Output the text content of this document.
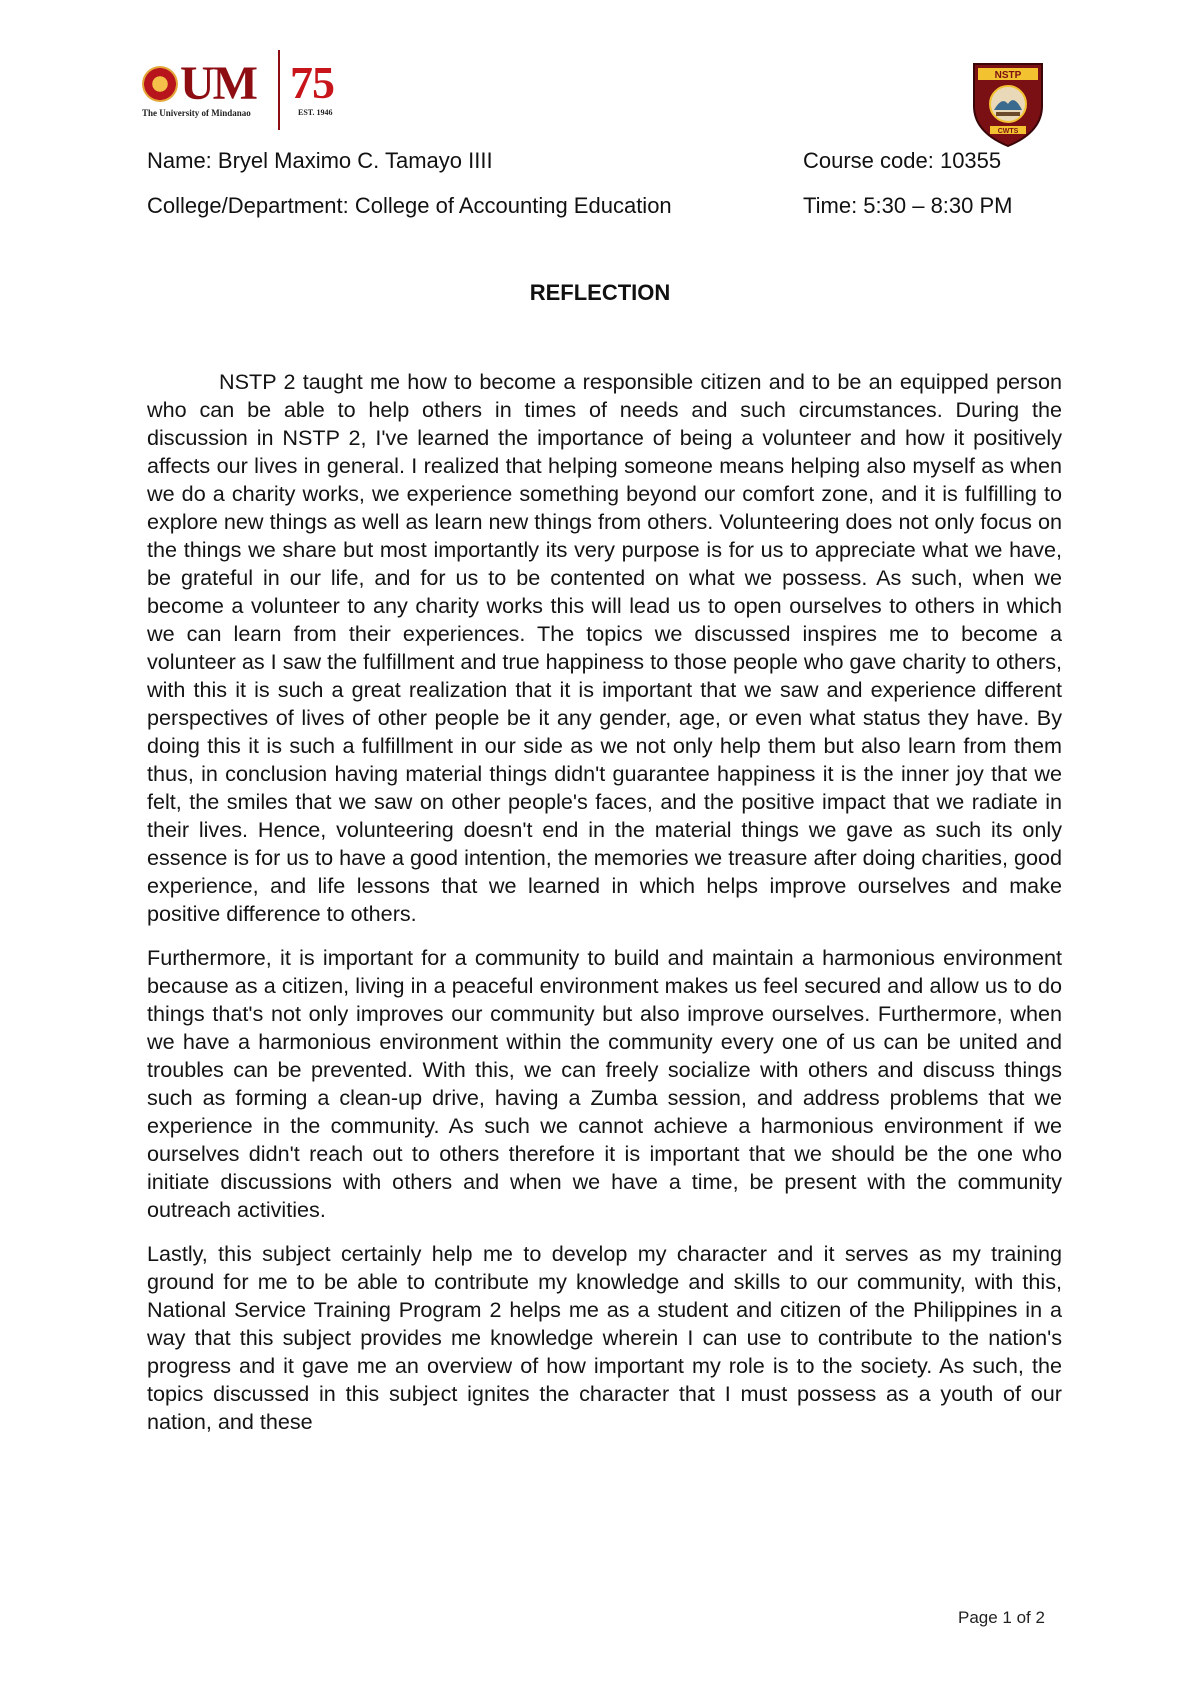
UM
The University of Mindanao
75
EST. 1946
NSTP
CWTS
Name: Bryel Maximo C. Tamayo IIII	Course code: 10355
College/Department: College of Accounting Education	Time: 5:30 – 8:30 PM
REFLECTION

NSTP 2 taught me how to become a responsible citizen and to be an equipped person who can be able to help others in times of needs and such circumstances. During the discussion in NSTP 2, I've learned the importance of being a volunteer and how it positively affects our lives in general. I realized that helping someone means helping also myself as when we do a charity works, we experience something beyond our comfort zone, and it is fulfilling to explore new things as well as learn new things from others. Volunteering does not only focus on the things we share but most importantly its very purpose is for us to appreciate what we have, be grateful in our life, and for us to be contented on what we possess. As such, when we become a volunteer to any charity works this will lead us to open ourselves to others in which we can learn from their experiences. The topics we discussed inspires me to become a volunteer as I saw the fulfillment and true happiness to those people who gave charity to others, with this it is such a great realization that it is important that we saw and experience different perspectives of lives of other people be it any gender, age, or even what status they have. By doing this it is such a fulfillment in our side as we not only help them but also learn from them thus, in conclusion having material things didn't guarantee happiness it is the inner joy that we felt, the smiles that we saw on other people's faces, and the positive impact that we radiate in their lives. Hence, volunteering doesn't end in the material things we gave as such its only essence is for us to have a good intention, the memories we treasure after doing charities, good experience, and life lessons that we learned in which helps improve ourselves and make positive difference to others.

Furthermore, it is important for a community to build and maintain a harmonious environment because as a citizen, living in a peaceful environment makes us feel secured and allow us to do things that's not only improves our community but also improve ourselves. Furthermore, when we have a harmonious environment within the community every one of us can be united and troubles can be prevented. With this, we can freely socialize with others and discuss things such as forming a clean-up drive, having a Zumba session, and address problems that we experience in the community. As such we cannot achieve a harmonious environment if we ourselves didn't reach out to others therefore it is important that we should be the one who initiate discussions with others and when we have a time, be present with the community outreach activities.

Lastly, this subject certainly help me to develop my character and it serves as my training ground for me to be able to contribute my knowledge and skills to our community, with this, National Service Training Program 2 helps me as a student and citizen of the Philippines in a way that this subject provides me knowledge wherein I can use to contribute to the nation's progress and it gave me an overview of how important my role is to the society. As such, the topics discussed in this subject ignites the character that I must possess as a youth of our nation, and these

Page 1 of 2
